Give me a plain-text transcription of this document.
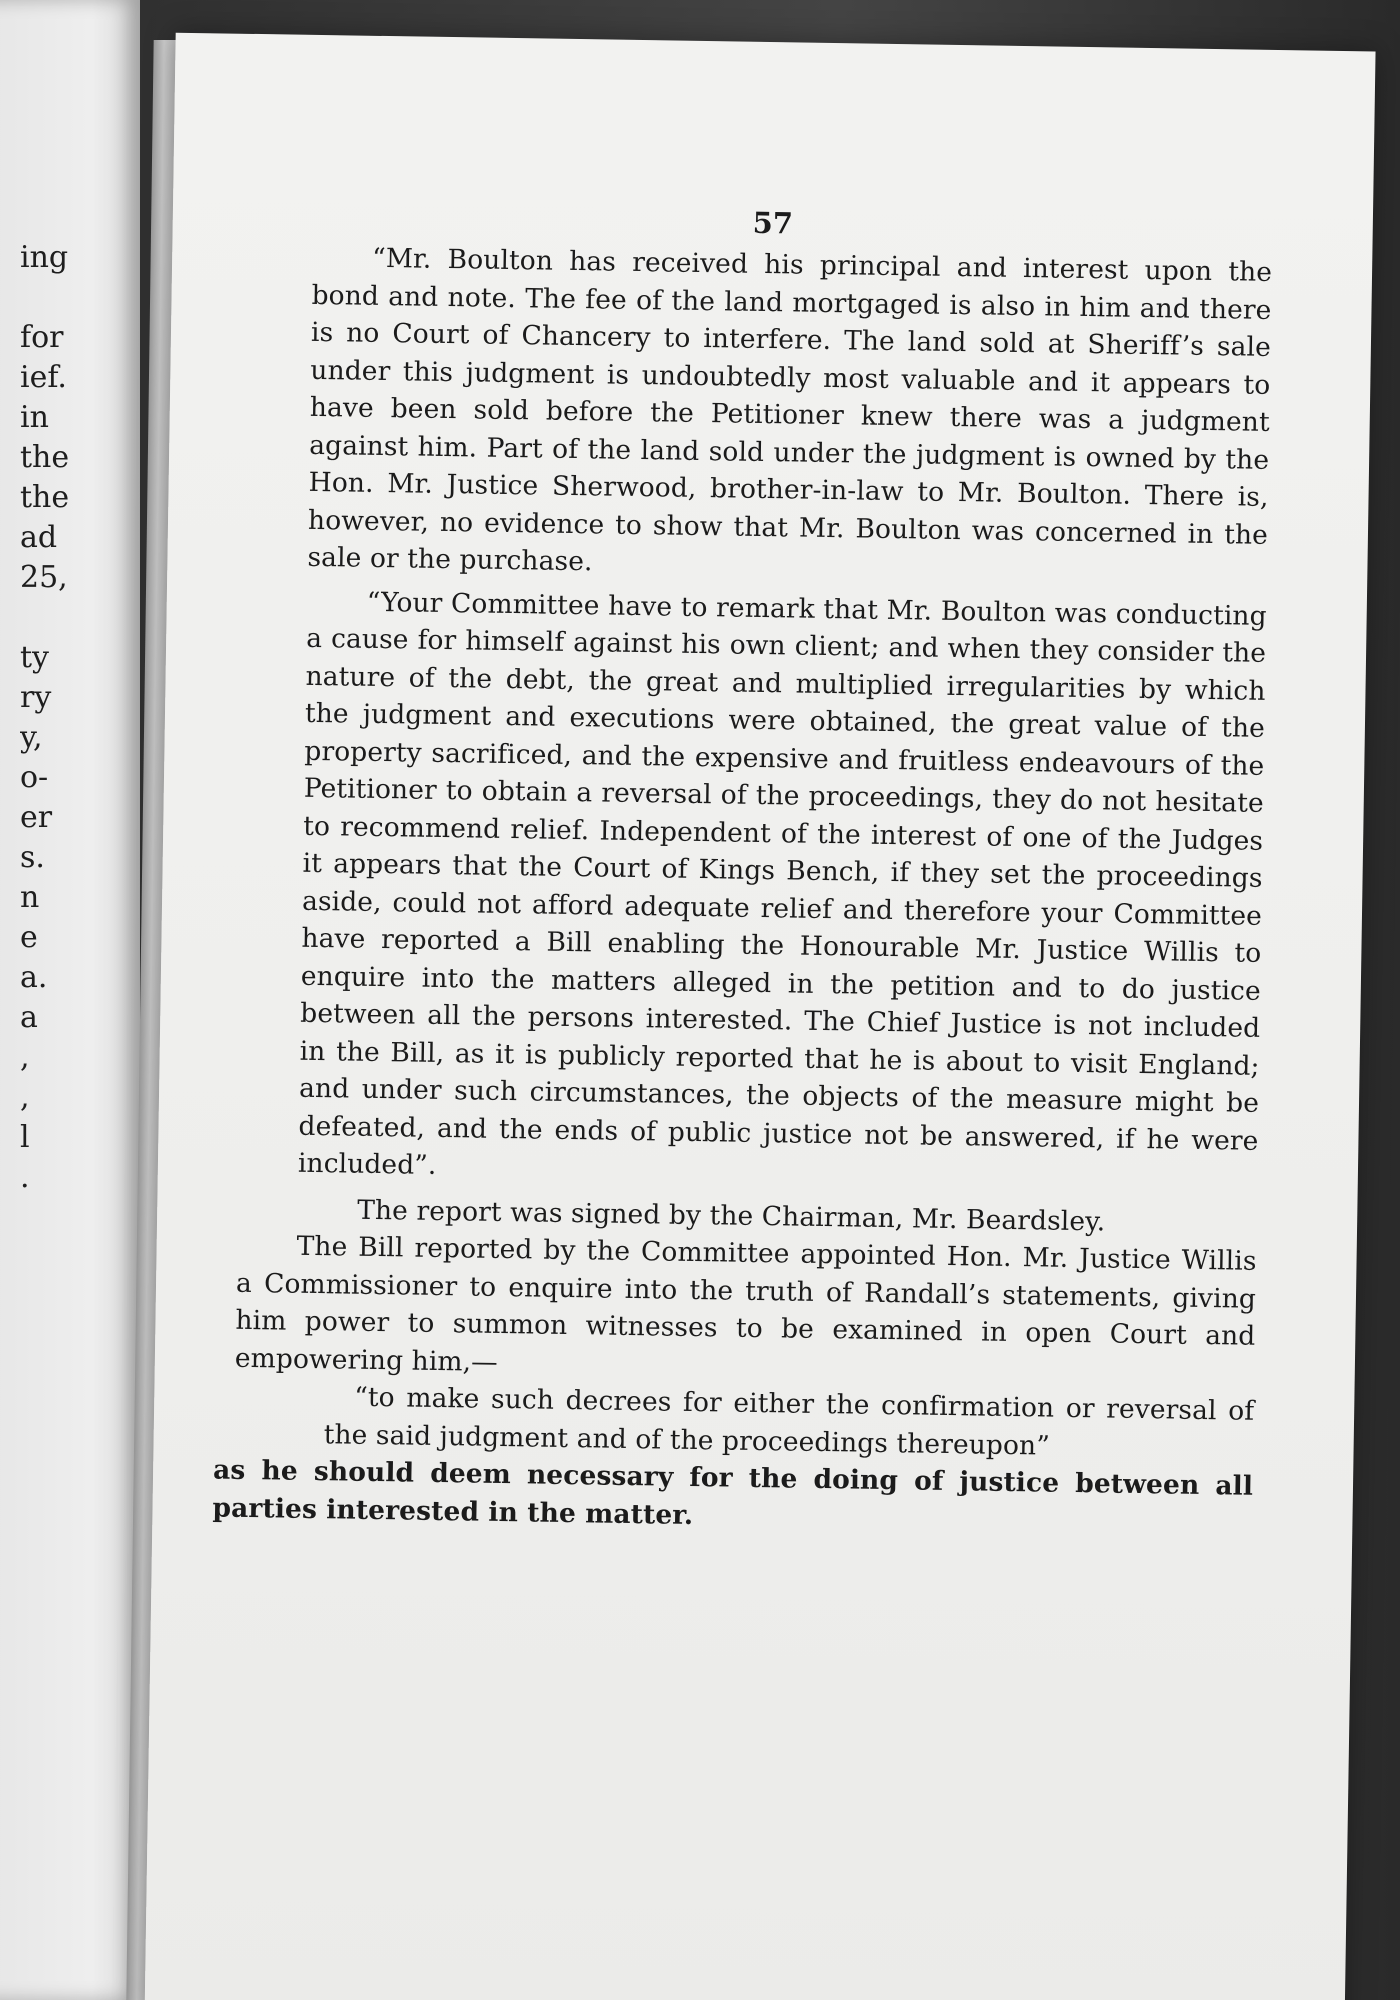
ing
for
ief.
in
the
the
ad
25,
ty
ry
y,
o-
er
s.
n
e
a.
a
,
,
l
.
57

“Mr. Boulton has received his principal and interest upon the bond and note. The fee of the land mortgaged is also in him and there is no Court of Chancery to interfere. The land sold at Sheriff’s sale under this judgment is undoubtedly most valuable and it appears to have been sold before the Petitioner knew there was a judgment against him. Part of the land sold under the judgment is owned by the Hon. Mr. Justice Sherwood, brother-in-law to Mr. Boulton. There is, however, no evidence to show that Mr. Boulton was concerned in the sale or the purchase.

“Your Committee have to remark that Mr. Boulton was conducting a cause for himself against his own client; and when they consider the nature of the debt, the great and multiplied irregularities by which the judgment and executions were obtained, the great value of the property sacrificed, and the expensive and fruitless endeavours of the Petitioner to obtain a reversal of the proceedings, they do not hesitate to recommend relief. Independent of the interest of one of the Judges it appears that the Court of Kings Bench, if they set the proceedings aside, could not afford adequate relief and therefore your Committee have reported a Bill enabling the Honourable Mr. Justice Willis to enquire into the matters alleged in the petition and to do justice between all the persons interested. The Chief Justice is not included in the Bill, as it is publicly reported that he is about to visit England; and under such circumstances, the objects of the measure might be defeated, and the ends of public justice not be answered, if he were included”.

The report was signed by the Chairman, Mr. Beardsley.

The Bill reported by the Committee appointed Hon. Mr. Justice Willis a Commissioner to enquire into the truth of Randall’s statements, giving him power to summon witnesses to be examined in open Court and empowering him,—

“to make such decrees for either the confirmation or reversal of the said judgment and of the proceedings thereupon”

as he should deem necessary for the doing of justice between all parties interested in the matter.
